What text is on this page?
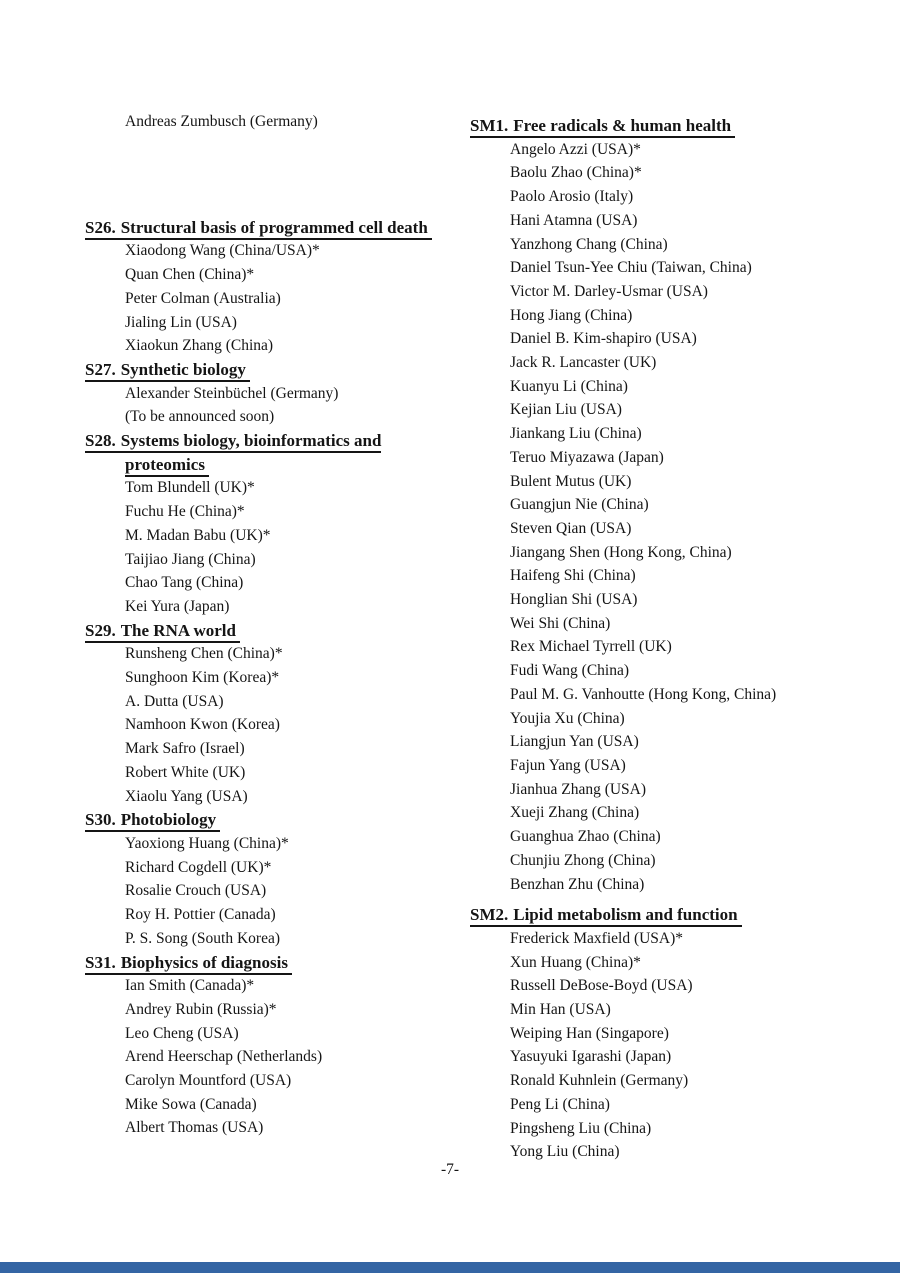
Andreas Zumbusch (Germany)
S26. Structural basis of programmed cell death
Xiaodong Wang (China/USA)*
Quan Chen (China)*
Peter Colman (Australia)
Jialing Lin (USA)
Xiaokun Zhang (China)
S27. Synthetic biology
Alexander Steinbüchel (Germany)
(To be announced soon)
S28. Systems biology, bioinformatics and proteomics
Tom Blundell (UK)*
Fuchu He (China)*
M. Madan Babu (UK)*
Taijiao Jiang (China)
Chao Tang (China)
Kei Yura (Japan)
S29. The RNA world
Runsheng Chen (China)*
Sunghoon Kim (Korea)*
A. Dutta (USA)
Namhoon Kwon (Korea)
Mark Safro (Israel)
Robert White (UK)
Xiaolu Yang (USA)
S30. Photobiology
Yaoxiong Huang (China)*
Richard Cogdell (UK)*
Rosalie Crouch (USA)
Roy H. Pottier (Canada)
P. S. Song (South Korea)
S31. Biophysics of diagnosis
Ian Smith (Canada)*
Andrey Rubin (Russia)*
Leo Cheng (USA)
Arend Heerschap (Netherlands)
Carolyn Mountford (USA)
Mike Sowa (Canada)
Albert Thomas (USA)
SM1. Free radicals & human health
Angelo Azzi (USA)*
Baolu Zhao (China)*
Paolo Arosio (Italy)
Hani Atamna (USA)
Yanzhong Chang (China)
Daniel Tsun-Yee Chiu (Taiwan, China)
Victor M. Darley-Usmar (USA)
Hong Jiang (China)
Daniel B. Kim-shapiro (USA)
Jack R. Lancaster (UK)
Kuanyu Li (China)
Kejian Liu (USA)
Jiankang Liu (China)
Teruo Miyazawa (Japan)
Bulent Mutus (UK)
Guangjun Nie (China)
Steven Qian (USA)
Jiangang Shen (Hong Kong, China)
Haifeng Shi (China)
Honglian Shi (USA)
Wei Shi (China)
Rex Michael Tyrrell (UK)
Fudi Wang (China)
Paul M. G. Vanhoutte (Hong Kong, China)
Youjia Xu (China)
Liangjun Yan (USA)
Fajun Yang (USA)
Jianhua Zhang (USA)
Xueji Zhang (China)
Guanghua Zhao (China)
Chunjiu Zhong (China)
Benzhan Zhu (China)
SM2. Lipid metabolism and function
Frederick Maxfield (USA)*
Xun Huang (China)*
Russell DeBose-Boyd (USA)
Min Han (USA)
Weiping Han (Singapore)
Yasuyuki Igarashi (Japan)
Ronald Kuhnlein (Germany)
Peng Li (China)
Pingsheng Liu (China)
Yong Liu (China)
-7-
